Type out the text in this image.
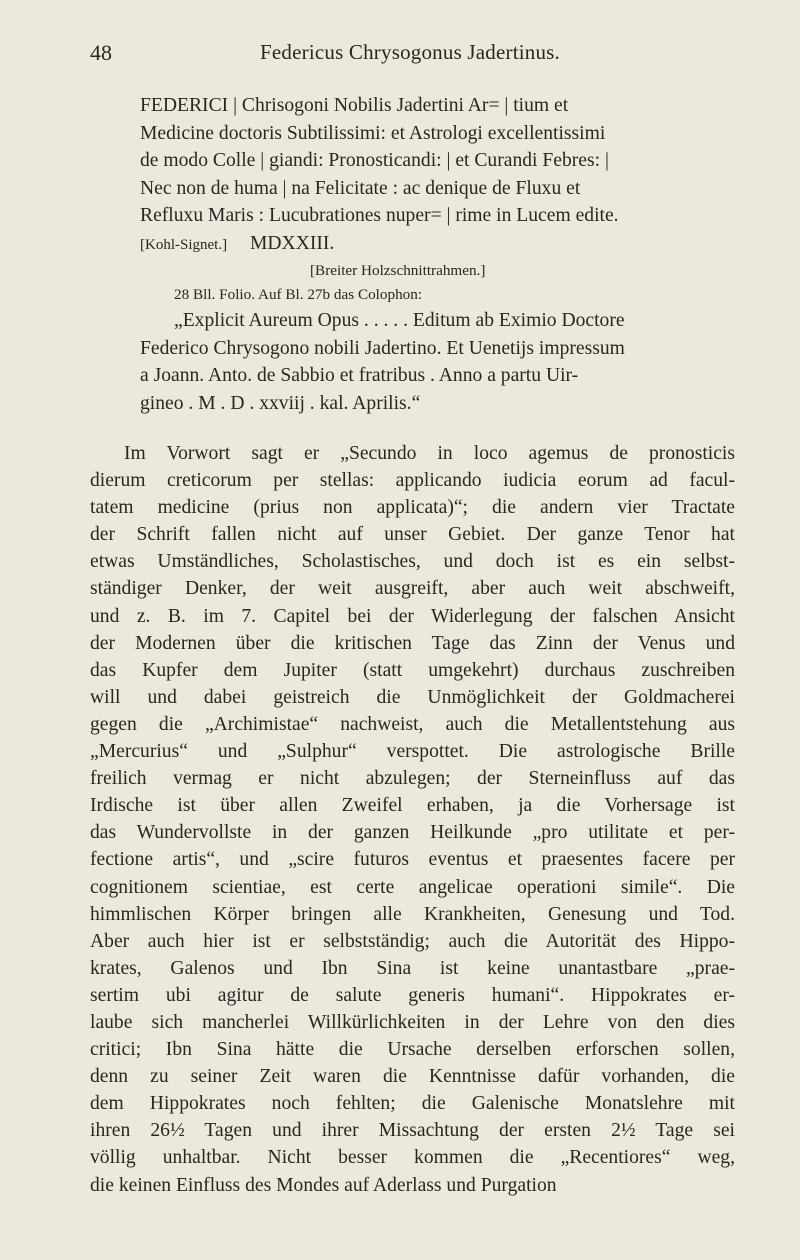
48	Federicus Chrysogonus Jadertinus.
FEDERICI | Chrisogoni Nobilis Jadertini Ar= | tium et
Medicine doctoris Subtilissimi: et Astrologi excellentissimi
de modo Colle | giandi: Pronosticandi: | et Curandi Febres: |
Nec non de huma | na Felicitate : ac denique de Fluxu et
Refluxu Maris : Lucubrationes nuper= | rime in Lucem edite.
[Kohl-Signet.] MDXXIII.
[Breiter Holzschnittrahmen.]
28 Bll. Folio. Auf Bl. 27b das Colophon:
„Explicit Aureum Opus . . . . . Editum ab Eximio Doctore
Federico Chrysogono nobili Jadertino. Et Uenetijs impressum
a Joann. Anto. de Sabbio et fratribus . Anno a partu Uir-
gineo . M . D . xxviij . kal. Aprilis.“
Im Vorwort sagt er „Secundo in loco agemus de pronosticis
dierum creticorum per stellas: applicando iudicia eorum ad facul-
tatem medicine (prius non applicata)“; die andern vier Tractate
der Schrift fallen nicht auf unser Gebiet. Der ganze Tenor hat
etwas Umständliches, Scholastisches, und doch ist es ein selbst-
ständiger Denker, der weit ausgreift, aber auch weit abschweift,
und z. B. im 7. Capitel bei der Widerlegung der falschen Ansicht
der Modernen über die kritischen Tage das Zinn der Venus und
das Kupfer dem Jupiter (statt umgekehrt) durchaus zuschreiben
will und dabei geistreich die Unmöglichkeit der Goldmacherei
gegen die „Archimistae“ nachweist, auch die Metallentstehung aus
„Mercurius“ und „Sulphur“ verspottet. Die astrologische Brille
freilich vermag er nicht abzulegen; der Sterneinfluss auf das
Irdische ist über allen Zweifel erhaben, ja die Vorhersage ist
das Wundervollste in der ganzen Heilkunde „pro utilitate et per-
fectione artis“, und „scire futuros eventus et praesentes facere per
cognitionem scientiae, est certe angelicae operationi simile“. Die
himmlischen Körper bringen alle Krankheiten, Genesung und Tod.
Aber auch hier ist er selbstständig; auch die Autorität des Hippo-
krates, Galenos und Ibn Sina ist keine unantastbare „prae-
sertim ubi agitur de salute generis humani“. Hippokrates er-
laube sich mancherlei Willkürlichkeiten in der Lehre von den dies
critici; Ibn Sina hätte die Ursache derselben erforschen sollen,
denn zu seiner Zeit waren die Kenntnisse dafür vorhanden, die
dem Hippokrates noch fehlten; die Galenische Monatslehre mit
ihren 26½ Tagen und ihrer Missachtung der ersten 2½ Tage sei
völlig unhaltbar. Nicht besser kommen die „Recentiores“ weg,
die keinen Einfluss des Mondes auf Aderlass und Purgation
